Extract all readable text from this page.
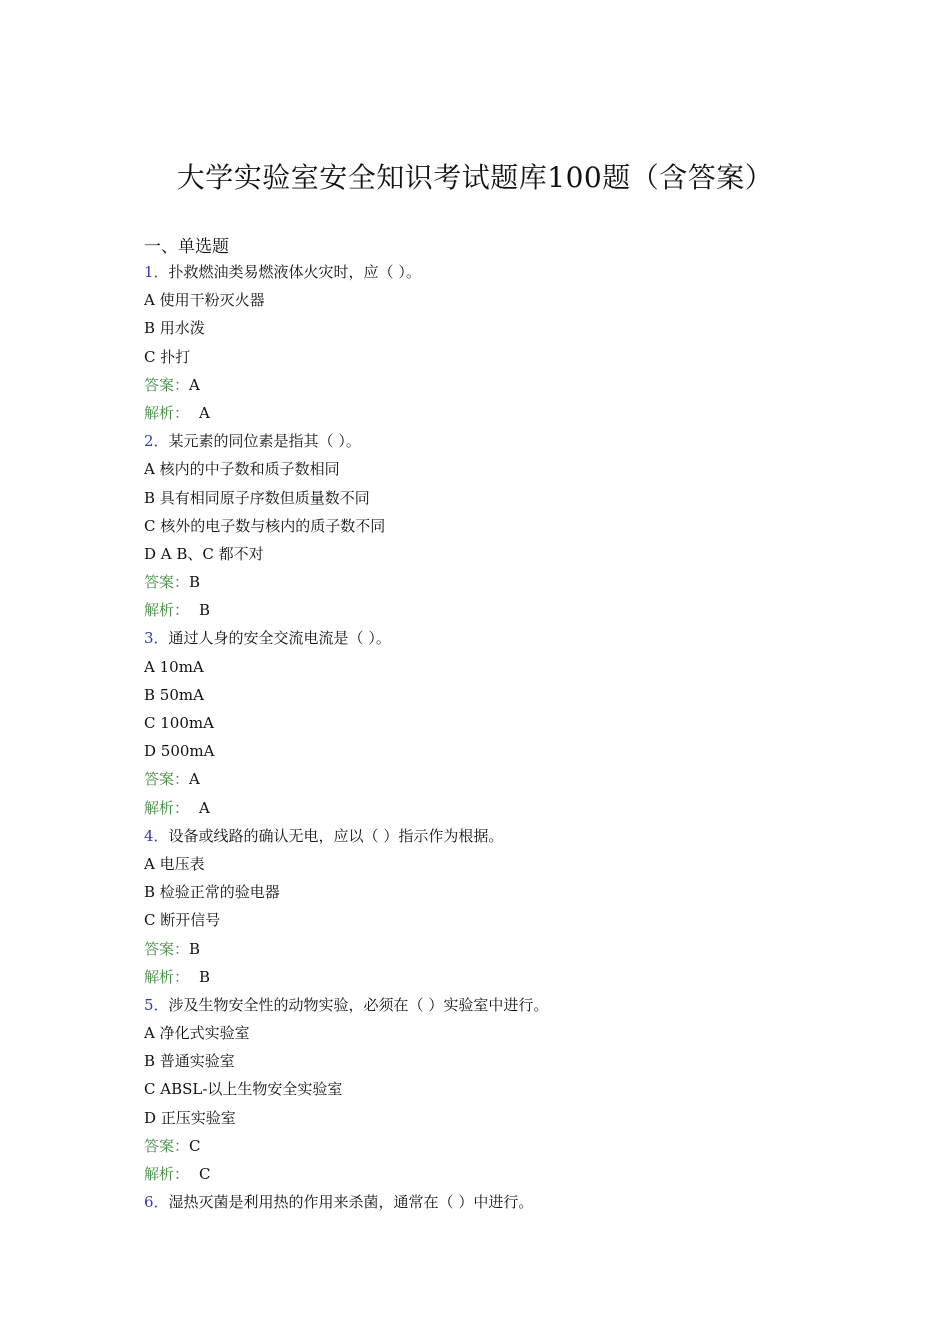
大学实验室安全知识考试题库100题（含答案）
一、单选题
1．扑救燃油类易燃液体火灾时，应（ ）。
A 使用干粉灭火器
B 用水泼
C 扑打
答案：A
解析： A
2．某元素的同位素是指其（ ）。
A 核内的中子数和质子数相同
B 具有相同原子序数但质量数不同
C 核外的电子数与核内的质子数不同
D A B、C 都不对
答案：B
解析： B
3．通过人身的安全交流电流是（ ）。
A 10mA
B 50mA
C 100mA
D 500mA
答案：A
解析： A
4．设备或线路的确认无电，应以（ ）指示作为根据。
A 电压表
B 检验正常的验电器
C 断开信号
答案：B
解析： B
5．涉及生物安全性的动物实验，必须在（ ）实验室中进行。
A 净化式实验室
B 普通实验室
C ABSL-以上生物安全实验室
D 正压实验室
答案：C
解析： C
6．湿热灭菌是利用热的作用来杀菌，通常在（ ）中进行。
